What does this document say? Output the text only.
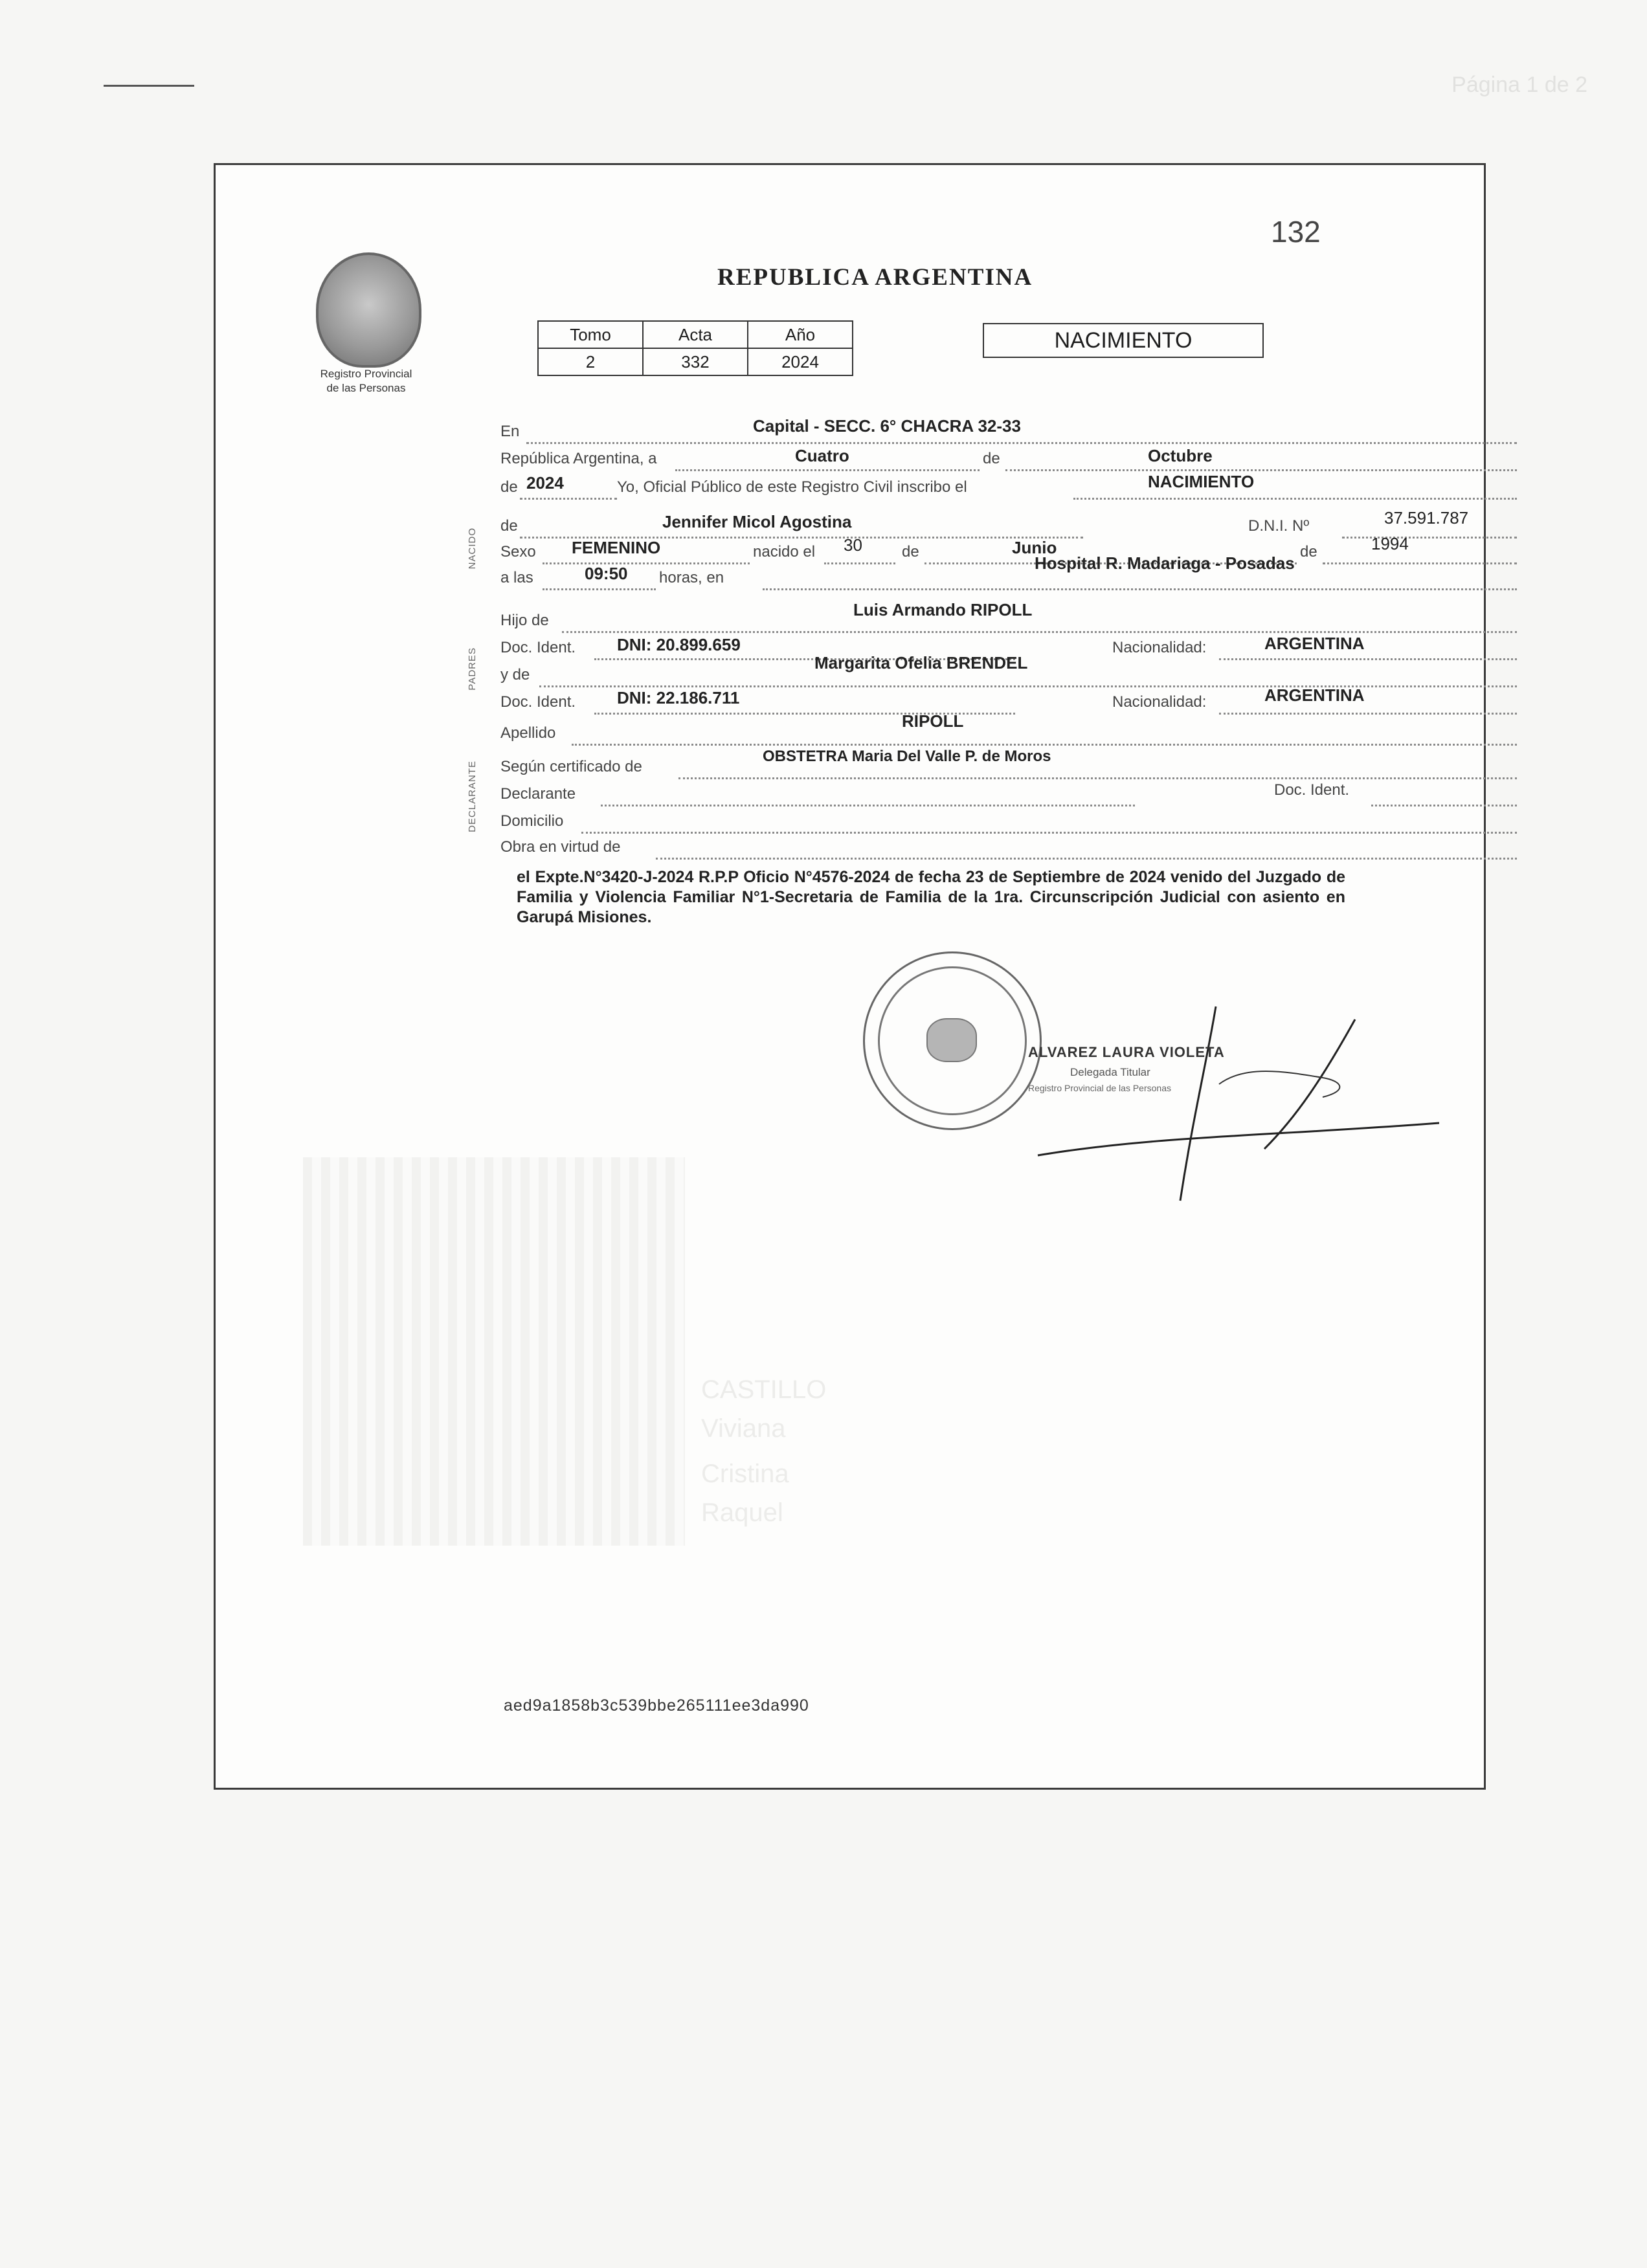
Página 1 de 2
132
Registro Provincial
de las Personas
REPUBLICA ARGENTINA
Tomo	Acta	Año
2	332	2024
NACIMIENTO
NACIDO
PADRES
DECLARANTE
En	Capital - SECC. 6° CHACRA 32-33
República Argentina, a	Cuatro	de	Octubre
de 2024	Yo, Oficial Público de este Registro Civil inscribo el	NACIMIENTO
de	Jennifer Micol Agostina	D.N.I. Nº	37.591.787
Sexo FEMENINO	nacido el 30	de	Junio	de	1994
a las	09:50 horas, en
Hospital R. Madariaga - Posadas
Hijo de
Luis Armando RIPOLL
Doc. Ident. DNI: 20.899.659	Nacionalidad:	ARGENTINA
y de
Margarita Ofelia BRENDEL
Doc. Ident. DNI: 22.186.711	Nacionalidad:	ARGENTINA
Apellido
RIPOLL
Según certificado de
OBSTETRA Maria Del Valle P. de Moros
Declarante	Doc. Ident.
Domicilio
Obra en virtud de
el Expte.N°3420-J-2024 R.P.P Oficio N°4576-2024 de fecha 23 de Septiembre de 2024 venido del Juzgado de Familia y Violencia Familiar N°1-Secretaria de Familia de la 1ra. Circunscripción Judicial con asiento en Garupá Misiones.
ALVAREZ LAURA VIOLETA
Delegada Titular
Registro Provincial de las Personas
CASTILLO
Viviana
Cristina
Raquel
aed9a1858b3c539bbe265111ee3da990
